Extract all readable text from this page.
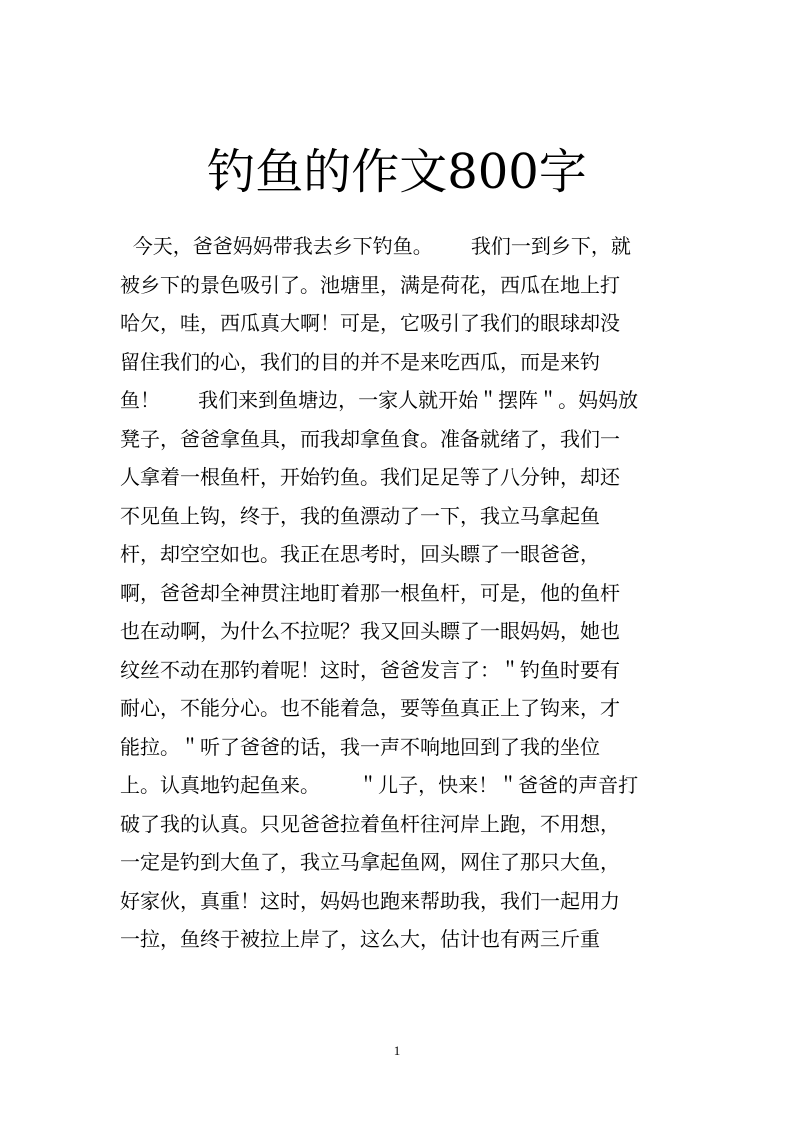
钓鱼的作文800字

今天，爸爸妈妈带我去乡下钓鱼。      我们一到乡下，就

被乡下的景色吸引了。池塘里，满是荷花，西瓜在地上打

哈欠，哇，西瓜真大啊！可是，它吸引了我们的眼球却没

留住我们的心，我们的目的并不是来吃西瓜，而是来钓

鱼！      我们来到鱼塘边，一家人就开始＂摆阵＂。妈妈放

凳子，爸爸拿鱼具，而我却拿鱼食。准备就绪了，我们一

人拿着一根鱼杆，开始钓鱼。我们足足等了八分钟，却还

不见鱼上钩，终于，我的鱼漂动了一下，我立马拿起鱼

杆，却空空如也。我正在思考时，回头瞟了一眼爸爸，

啊，爸爸却全神贯注地盯着那一根鱼杆，可是，他的鱼杆

也在动啊，为什么不拉呢？我又回头瞟了一眼妈妈，她也

纹丝不动在那钓着呢！这时，爸爸发言了：＂钓鱼时要有

耐心，不能分心。也不能着急，要等鱼真正上了钩来，才

能拉。＂听了爸爸的话，我一声不响地回到了我的坐位

上。认真地钓起鱼来。      ＂儿子，快来！＂爸爸的声音打

破了我的认真。只见爸爸拉着鱼杆往河岸上跑，不用想，

一定是钓到大鱼了，我立马拿起鱼网，网住了那只大鱼，

好家伙，真重！这时，妈妈也跑来帮助我，我们一起用力

一拉，鱼终于被拉上岸了，这么大，估计也有两三斤重

1
